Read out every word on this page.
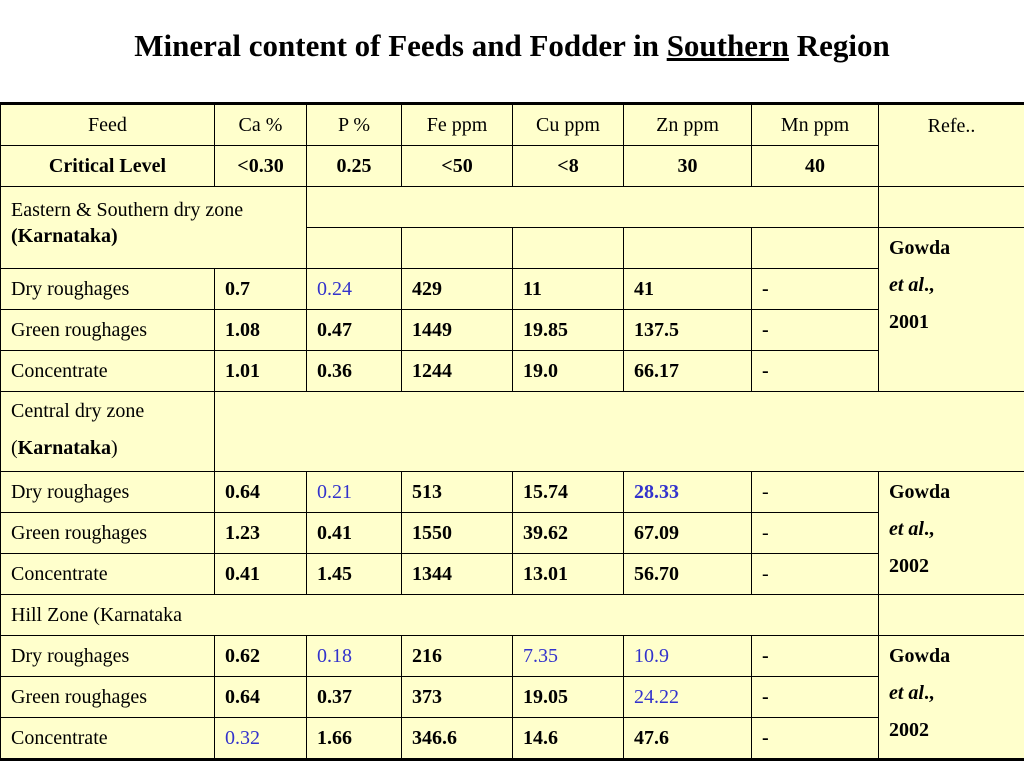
Mineral content of Feeds and Fodder in Southern Region
Feed	Ca %	P %	Fe ppm	Cu ppm	Zn ppm	Mn ppm	Refe..
Critical Level	<0.30	0.25	<50	<8	30	40	
Eastern & Southern dry zone (Karnataka)							
							Gowda
et al.,
2001
Dry roughages	0.7	0.24	429	11	41	-	
Green roughages	1.08	0.47	1449	19.85	137.5	-	
Concentrate	1.01	0.36	1244	19.0	66.17	-	
Central dry zone
(Karnataka)							
Dry roughages	0.64	0.21	513	15.74	28.33	-	Gowda
et al.,
2002
Green roughages	1.23	0.41	1550	39.62	67.09	-	
Concentrate	0.41	1.45	1344	13.01	56.70	-	
Hill Zone (Karnataka							
Dry roughages	0.62	0.18	216	7.35	10.9	-	Gowda
et al.,
2002
Green roughages	0.64	0.37	373	19.05	24.22	-	
Concentrate	0.32	1.66	346.6	14.6	47.6	-	
